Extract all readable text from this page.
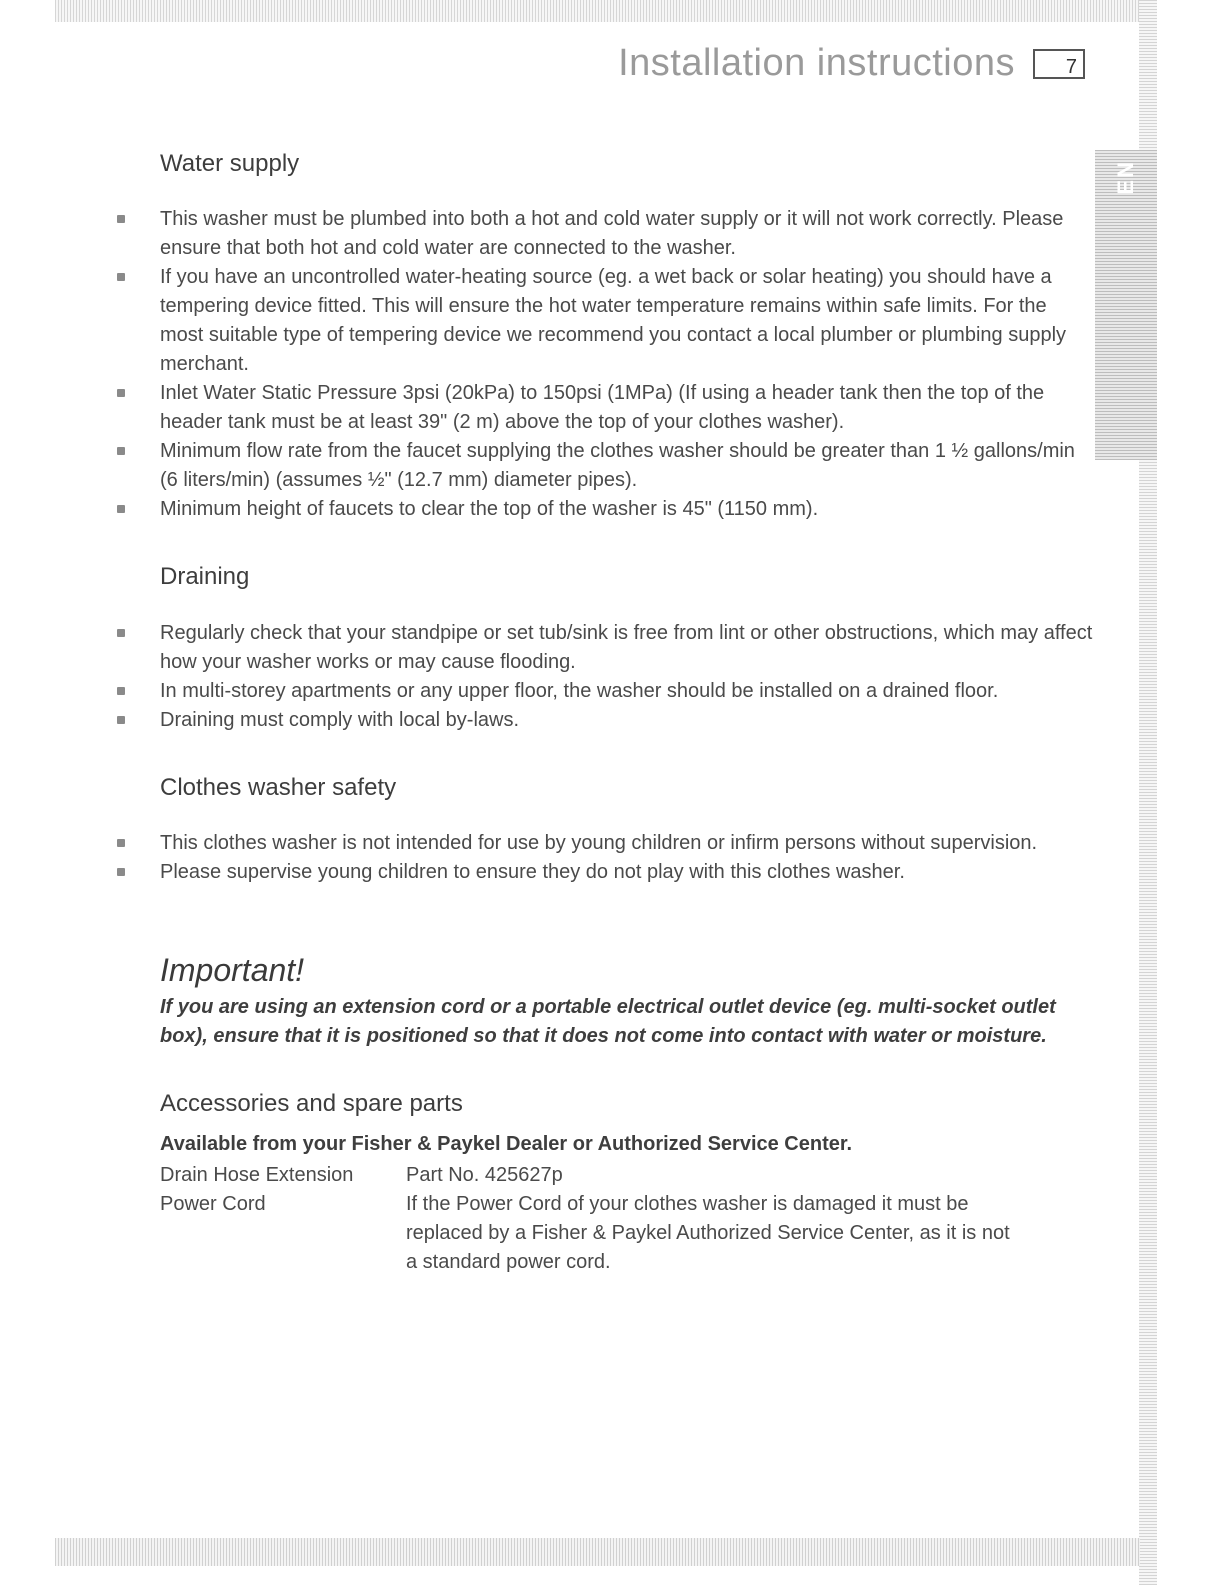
EN
Installation instructions	7
Water supply
This washer must be plumbed into both a hot and cold water supply or it will not work correctly. Please ensure that both hot and cold water are connected to the washer.
If you have an uncontrolled water-heating source (eg. a wet back or solar heating) you should have a tempering device fitted. This will ensure the hot water temperature remains within safe limits. For the most suitable type of tempering device we recommend you contact a local plumber or plumbing supply merchant.
Inlet Water Static Pressure 3psi (20kPa) to 150psi (1MPa) (If using a header tank then the top of the header tank must be at least 39" (2 m) above the top of your clothes washer).
Minimum flow rate from the faucet supplying the clothes washer should be greater than 1 ½ gallons/min (6 liters/min) (assumes ½" (12.7 mm) diameter pipes).
Minimum height of faucets to clear the top of the washer is 45" (1150 mm).
Draining
Regularly check that your standpipe or set tub/sink is free from lint or other obstructions, which may affect how your washer works or may cause flooding.
In multi-storey apartments or any upper floor, the washer should be installed on a drained floor.
Draining must comply with local by-laws.
Clothes washer safety
This clothes washer is not intended for use by young children or infirm persons without supervision.
Please supervise young children to ensure they do not play with this clothes washer.
Important!
If you are using an extension cord or a portable electrical outlet device (eg. multi-socket outlet box), ensure that it is positioned so that it does not come into contact with water or moisture.
Accessories and spare parts
Available from your Fisher & Paykel Dealer or Authorized Service Center.
Drain Hose Extension	Part No. 425627p
Power Cord	If the Power Cord of your clothes washer is damaged it must be replaced by a Fisher & Paykel Authorized Service Center, as it is not a standard power cord.
